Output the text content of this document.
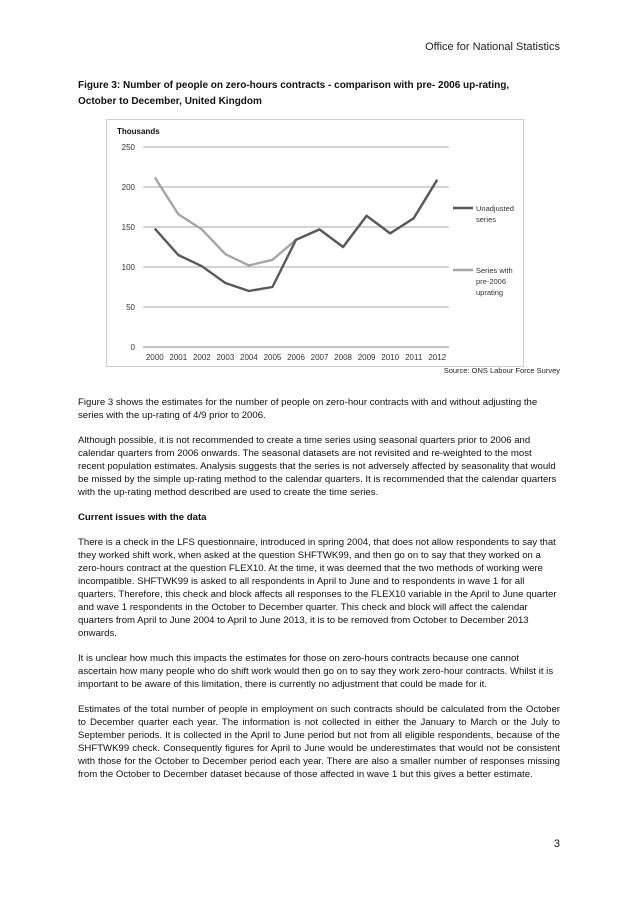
Office for National Statistics
Figure 3: Number of people on zero-hours contracts - comparison with pre- 2006 up-rating,
October to December, United Kingdom
Thousands
0
50
100
150
200
250
2000 2001 2002 2003 2004 2005 2006 2007 2008 2009 2010 2011 2012
Unadjusted
series
Series with
pre-2006
uprating
Source: ONS Labour Force Survey

Figure 3 shows the estimates for the number of people on zero-hour contracts with and without adjusting the series with the up-rating of 4/9 prior to 2006.

Although possible, it is not recommended to create a time series using seasonal quarters prior to 2006 and calendar quarters from 2006 onwards. The seasonal datasets are not revisited and re-weighted to the most recent population estimates. Analysis suggests that the series is not adversely affected by seasonality that would be missed by the simple up-rating method to the calendar quarters. It is recommended that the calendar quarters with the up-rating method described are used to create the time series.

Current issues with the data

There is a check in the LFS questionnaire, introduced in spring 2004, that does not allow respondents to say that they worked shift work, when asked at the question SHFTWK99, and then go on to say that they worked on a zero-hours contract at the question FLEX10. At the time, it was deemed that the two methods of working were incompatible. SHFTWK99 is asked to all respondents in April to June and to respondents in wave 1 for all quarters. Therefore, this check and block affects all responses to the FLEX10 variable in the April to June quarter and wave 1 respondents in the October to December quarter. This check and block will affect the calendar quarters from April to June 2004 to April to June 2013, it is to be removed from October to December 2013 onwards.

It is unclear how much this impacts the estimates for those on zero-hours contracts because one cannot ascertain how many people who do shift work would then go on to say they work zero-hour contracts. Whilst it is important to be aware of this limitation, there is currently no adjustment that could be made for it.

Estimates of the total number of people in employment on such contracts should be calculated from the October to December quarter each year. The information is not collected in either the January to March or the July to September periods. It is collected in the April to June period but not from all eligible respondents, because of the SHFTWK99 check. Consequently figures for April to June would be underestimates that would not be consistent with those for the October to December period each year. There are also a smaller number of responses missing from the October to December dataset because of those affected in wave 1 but this gives a better estimate.

3
